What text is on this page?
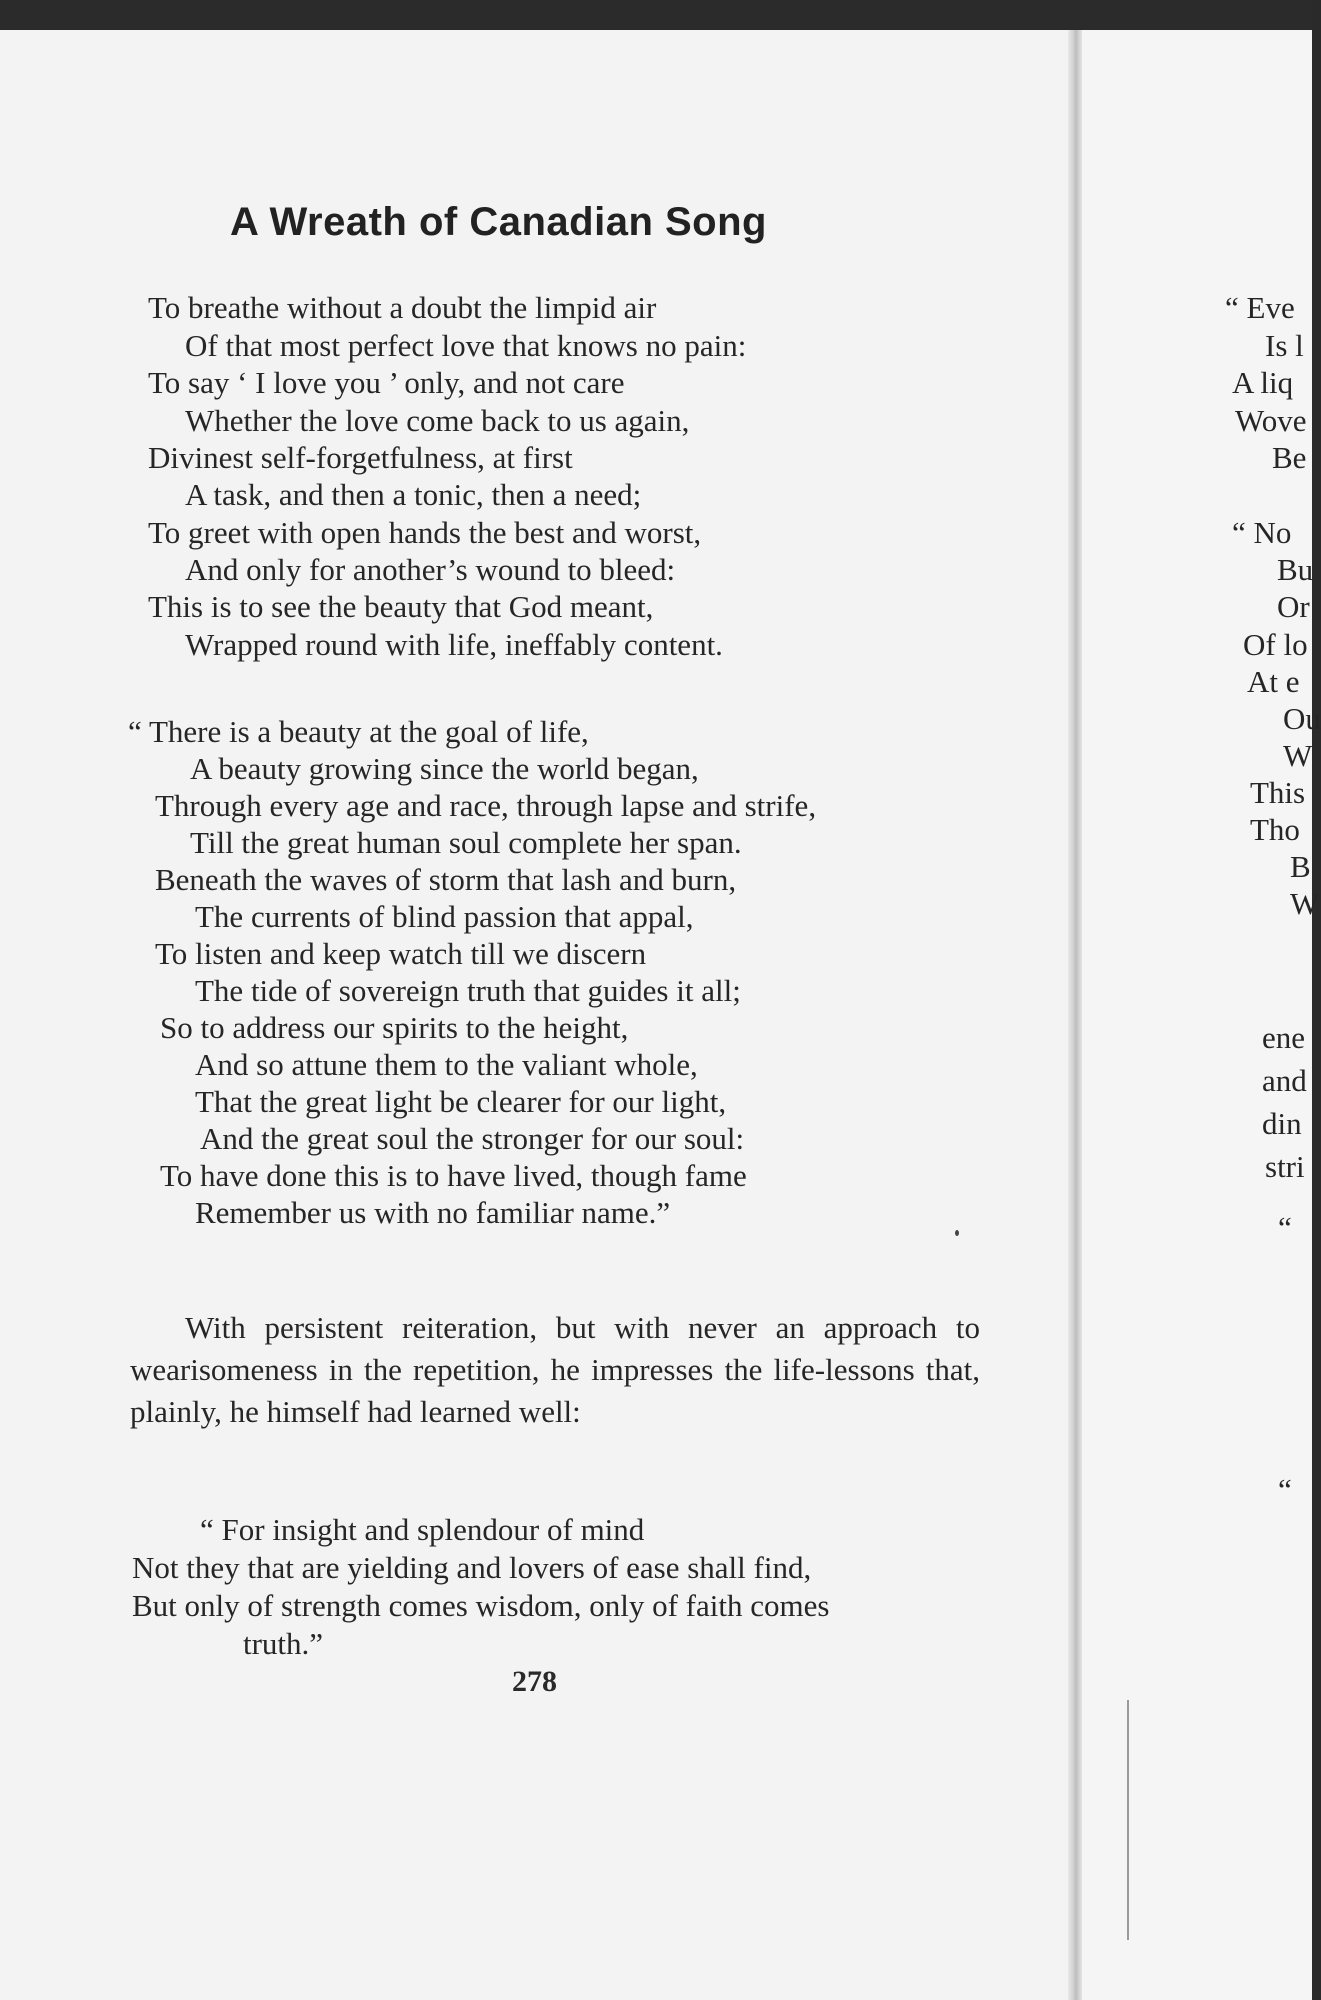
A Wreath of Canadian Song
To breathe without a doubt the limpid air
Of that most perfect love that knows no pain:
To say ‘ I love you ’ only, and not care
Whether the love come back to us again,
Divinest self-forgetfulness, at first
A task, and then a tonic, then a need;
To greet with open hands the best and worst,
And only for another’s wound to bleed:
This is to see the beauty that God meant,
Wrapped round with life, ineffably content.
“ There is a beauty at the goal of life,
A beauty growing since the world began,
Through every age and race, through lapse and strife,
Till the great human soul complete her span.
Beneath the waves of storm that lash and burn,
The currents of blind passion that appal,
To listen and keep watch till we discern
The tide of sovereign truth that guides it all;
So to address our spirits to the height,
And so attune them to the valiant whole,
That the great light be clearer for our light,
And the great soul the stronger for our soul:
To have done this is to have lived, though fame
Remember us with no familiar name.”

With persistent reiteration, but with never an approach to wearisomeness in the repetition, he impresses the life-lessons that, plainly, he himself had learned well:

“ For insight and splendour of mind
Not they that are yielding and lovers of ease shall find,
But only of strength comes wisdom, only of faith comes
truth.”
278
“ Eve
Is l
A liq
Wove
Be
“ No
Bu
Or
Of lo
At e
Ou
W
This
Tho
B
W
ene
and
din
stri
“
“
